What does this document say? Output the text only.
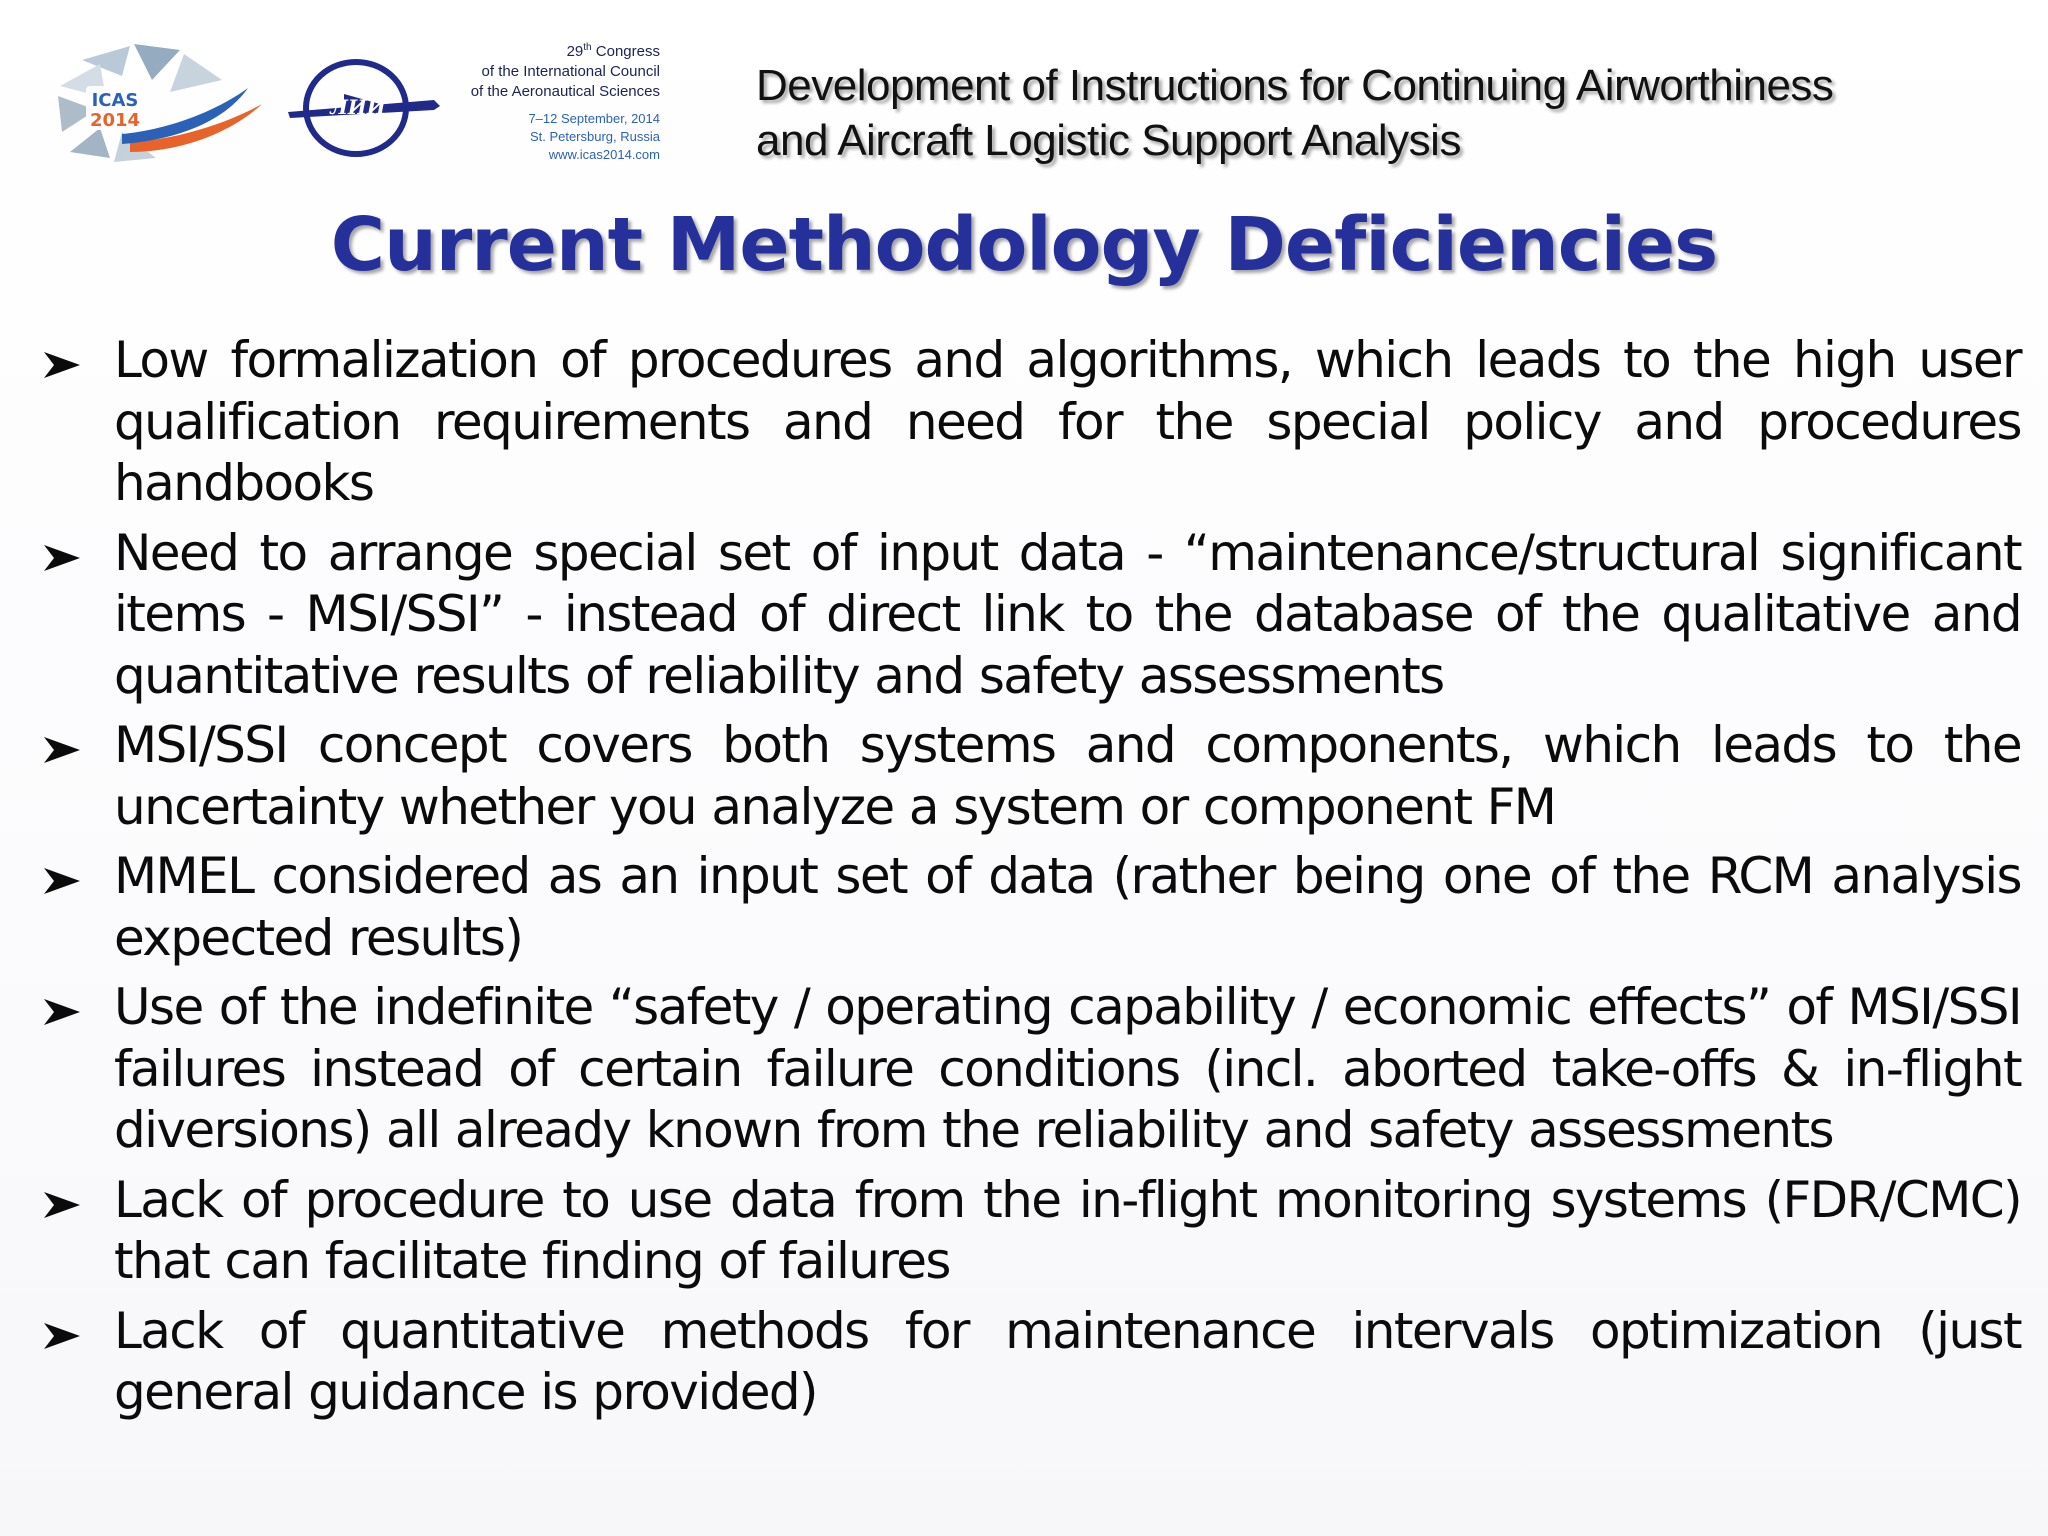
ICAS
2014
ЛИИ
29th Congress
of the International Council
of the Aeronautical Sciences
7–12 September, 2014
St. Petersburg, Russia
www.icas2014.com
Development of Instructions for Continuing Airworthiness
and Aircraft Logistic Support Analysis
Current Methodology Deficiencies
Low formalization of procedures and algorithms, which leads to the high user qualification requirements and need for the special policy and procedures handbooks
Need to arrange special set of input data - “maintenance/structural significant items - MSI/SSI” - instead of direct link to the database of the qualitative and quantitative results of reliability and safety assessments
MSI/SSI concept covers both systems and components, which leads to the uncertainty whether you analyze a system or component FM
MMEL considered as an input set of data (rather being one of the RCM analysis expected results)
Use of the indefinite “safety / operating capability / economic effects” of MSI/SSI failures instead of certain failure conditions (incl. aborted take-offs & in-flight diversions) all already known from the reliability and safety assessments
Lack of procedure to use data from the in-flight monitoring systems (FDR/CMC) that can facilitate finding of failures
Lack of quantitative methods for maintenance intervals optimization (just general guidance is provided)
